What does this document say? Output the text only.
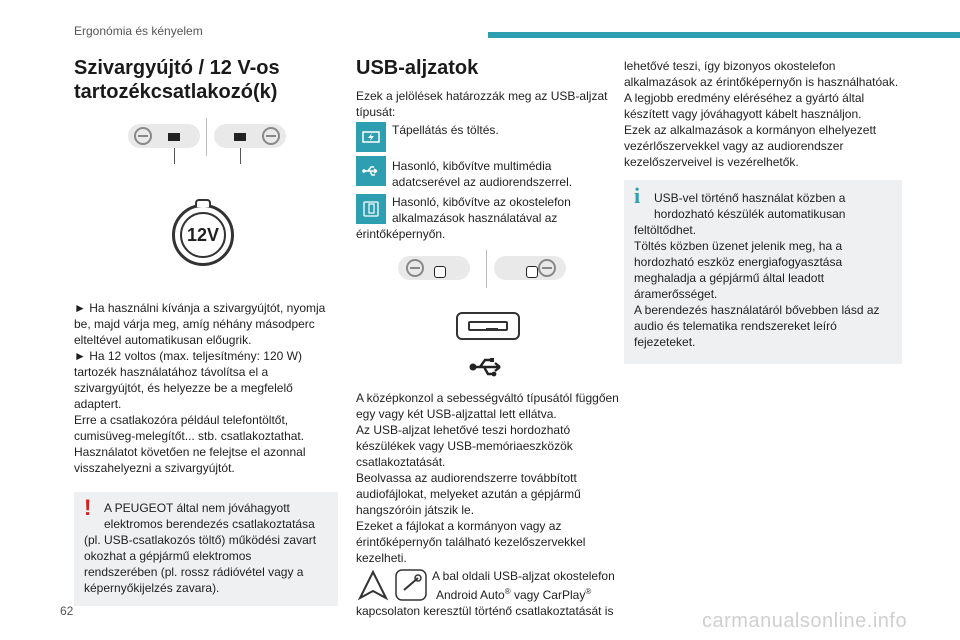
Ergonómia és kényelem
Szivargyújtó / 12 V-os tartozékcsatlakozó(k)
12V

► Ha használni kívánja a szivargyújtót, nyomja be, majd várja meg, amíg néhány másodperc elteltével automatikusan előugrik.
► Ha 12 voltos (max. teljesítmény: 120 W) tartozék használatához távolítsa el a szivargyújtót, és helyezze be a megfelelő adaptert.
Erre a csatlakozóra például telefontöltőt, cumisüveg-melegítőt... stb. csatlakoztathat.
Használatot követően ne felejtse el azonnal visszahelyezni a szivargyújtót.

!	A PEUGEOT által nem jóváhagyott elektromos berendezés csatlakoztatása
(pl. USB-csatlakozós töltő) működési zavart okozhat a gépjármű elektromos rendszerében (pl. rossz rádióvétel vagy a képernyőkijelzés zavara).
USB-aljzatok

Ezek a jelölések határozzák meg az USB-aljzat típusát:

Tápellátás és töltés.
Hasonló, kibővítve multimédia adatcserével az audiorendszerrel.
Hasonló, kibővítve az okostelefon alkalmazások használatával az

érintőképernyőn.

A középkonzol a sebességváltó típusától függően egy vagy két USB-aljzattal lett ellátva.
Az USB-aljzat lehetővé teszi hordozható készülékek vagy USB-memóriaeszközök csatlakoztatását.
Beolvassa az audiorendszerre továbbított audiofájlokat, melyeket azután a gépjármű hangszóróin játszik le.
Ezeket a fájlokat a kormányon vagy az érintőképernyőn található kezelőszervekkel kezelheti.

A bal oldali USB-aljzat okostelefon
Android Auto® vagy CarPlay®

kapcsolaton keresztül történő csatlakoztatását is

lehetővé teszi, így bizonyos okostelefon alkalmazások az érintőképernyőn is használhatóak.
A legjobb eredmény eléréséhez a gyártó által készített vagy jóváhagyott kábelt használjon.
Ezek az alkalmazások a kormányon elhelyezett vezérlőszervekkel vagy az audiorendszer kezelőszerveivel is vezérelhetők.

i	USB-vel történő használat közben a hordozható készülék automatikusan
feltöltődhet.
Töltés közben üzenet jelenik meg, ha a hordozható eszköz energiafogyasztása meghaladja a gépjármű által leadott áramerősséget.
A berendezés használatáról bővebben lásd az audio és telematika rendszereket leíró fejezeteket.
62	carmanualsonline.info
